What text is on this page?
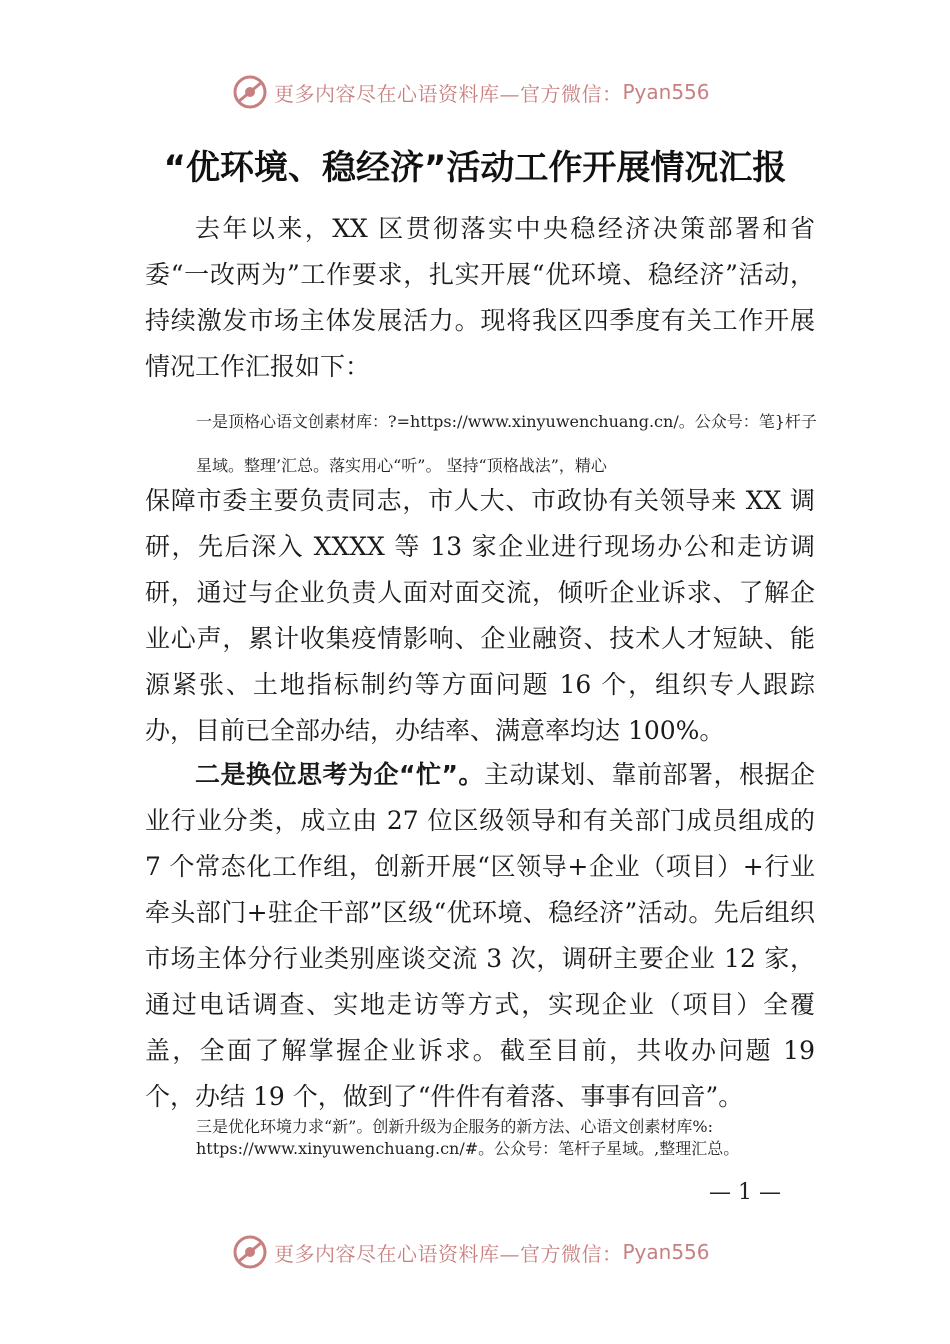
更多内容尽在心语资料库—官方微信： Pyan556
“优环境、稳经济”活动工作开展情况汇报

去年以来，XX 区贯彻落实中央稳经济决策部署和省委“一改两为”工作要求，扎实开展“优环境、稳经济”活动，持续激发市场主体发展活力。现将我区四季度有关工作开展情况工作汇报如下：

一是顶格心语文创素材库：?=https://www.xinyuwenchuang.cn/。公众号：笔}杆子星域。整理’汇总。落实用心“听”。 坚持“顶格战法”，精心

保障市委主要负责同志，市人大、市政协有关领导来 XX 调研，先后深入 XXXX 等 13 家企业进行现场办公和走访调研，通过与企业负责人面对面交流，倾听企业诉求、了解企业心声，累计收集疫情影响、企业融资、技术人才短缺、能源紧张、土地指标制约等方面问题 16 个，组织专人跟踪办，目前已全部办结，办结率、满意率均达 100%。

二是换位思考为企“忙”。主动谋划、靠前部署，根据企业行业分类，成立由 27 位区级领导和有关部门成员组成的 7 个常态化工作组，创新开展“区领导+企业（项目）+行业牵头部门+驻企干部”区级“优环境、稳经济”活动。先后组织市场主体分行业类别座谈交流 3 次，调研主要企业 12 家，通过电话调查、实地走访等方式，实现企业（项目）全覆盖，全面了解掌握企业诉求。截至目前，共收办问题 19 个，办结 19 个，做到了“件件有着落、事事有回音”。

三是优化环境力求“新”。创新升级为企服务的新方法、心语文创素材库%: https://www.xinyuwenchuang.cn/#。公众号：笔杆子星域。,整理汇总。

— 1 —
更多内容尽在心语资料库—官方微信： Pyan556
